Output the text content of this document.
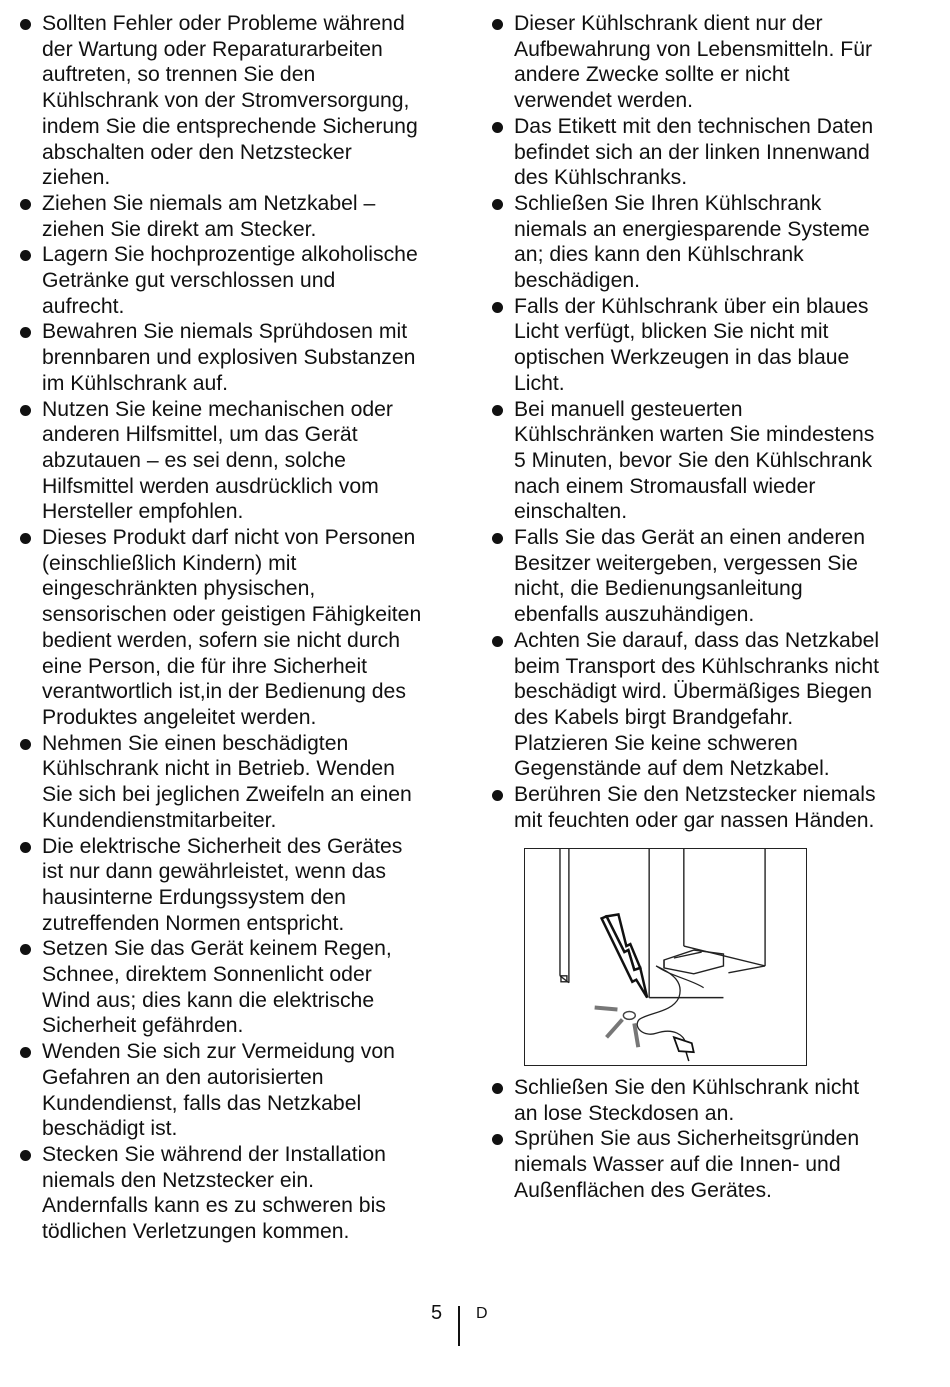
Sollten Fehler oder Probleme während
der Wartung oder Reparaturarbeiten
auftreten, so trennen Sie den
Kühlschrank von der Stromversorgung,
indem Sie die entsprechende Sicherung
abschalten oder den Netzstecker
ziehen.
Ziehen Sie niemals am Netzkabel –
ziehen Sie direkt am Stecker.
Lagern Sie hochprozentige alkoholische
Getränke gut verschlossen und
aufrecht.
Bewahren Sie niemals Sprühdosen mit
brennbaren und explosiven Substanzen
im Kühlschrank auf.
Nutzen Sie keine mechanischen oder
anderen Hilfsmittel, um das Gerät
abzutauen – es sei denn, solche
Hilfsmittel werden ausdrücklich vom
Hersteller empfohlen.
Dieses Produkt darf nicht von Personen
(einschließlich Kindern) mit
eingeschränkten physischen,
sensorischen oder geistigen Fähigkeiten
bedient werden, sofern sie nicht durch
eine Person, die für ihre Sicherheit
verantwortlich ist,in der Bedienung des
Produktes angeleitet werden.
Nehmen Sie einen beschädigten
Kühlschrank nicht in Betrieb. Wenden
Sie sich bei jeglichen Zweifeln an einen
Kundendienstmitarbeiter.
Die elektrische Sicherheit des Gerätes
ist nur dann gewährleistet, wenn das
hausinterne Erdungssystem den
zutreffenden Normen entspricht.
Setzen Sie das Gerät keinem Regen,
Schnee, direktem Sonnenlicht oder
Wind aus; dies kann die elektrische
Sicherheit gefährden.
Wenden Sie sich zur Vermeidung von
Gefahren an den autorisierten
Kundendienst, falls das Netzkabel
beschädigt ist.
Stecken Sie während der Installation
niemals den Netzstecker ein.
Andernfalls kann es zu schweren bis
tödlichen Verletzungen kommen.
Dieser Kühlschrank dient nur der
Aufbewahrung von Lebensmitteln. Für
andere Zwecke sollte er nicht
verwendet werden.
Das Etikett mit den technischen Daten
befindet sich an der linken Innenwand
des Kühlschranks.
Schließen Sie Ihren Kühlschrank
niemals an energiesparende Systeme
an; dies kann den Kühlschrank
beschädigen.
Falls der Kühlschrank über ein blaues
Licht verfügt, blicken Sie nicht mit
optischen Werkzeugen in das blaue
Licht.
Bei manuell gesteuerten
Kühlschränken warten Sie mindestens
5 Minuten, bevor Sie den Kühlschrank
nach einem Stromausfall wieder
einschalten.
Falls Sie das Gerät an einen anderen
Besitzer weitergeben, vergessen Sie
nicht, die Bedienungsanleitung
ebenfalls auszuhändigen.
Achten Sie darauf, dass das Netzkabel
beim Transport des Kühlschranks nicht
beschädigt wird. Übermäßiges Biegen
des Kabels birgt Brandgefahr.
Platzieren Sie keine schweren
Gegenstände auf dem Netzkabel.
Berühren Sie den Netzstecker niemals
mit feuchten oder gar nassen Händen.
Schließen Sie den Kühlschrank nicht
an lose Steckdosen an.
Sprühen Sie aus Sicherheitsgründen
niemals Wasser auf die Innen- und
Außenflächen des Gerätes.
5 D
